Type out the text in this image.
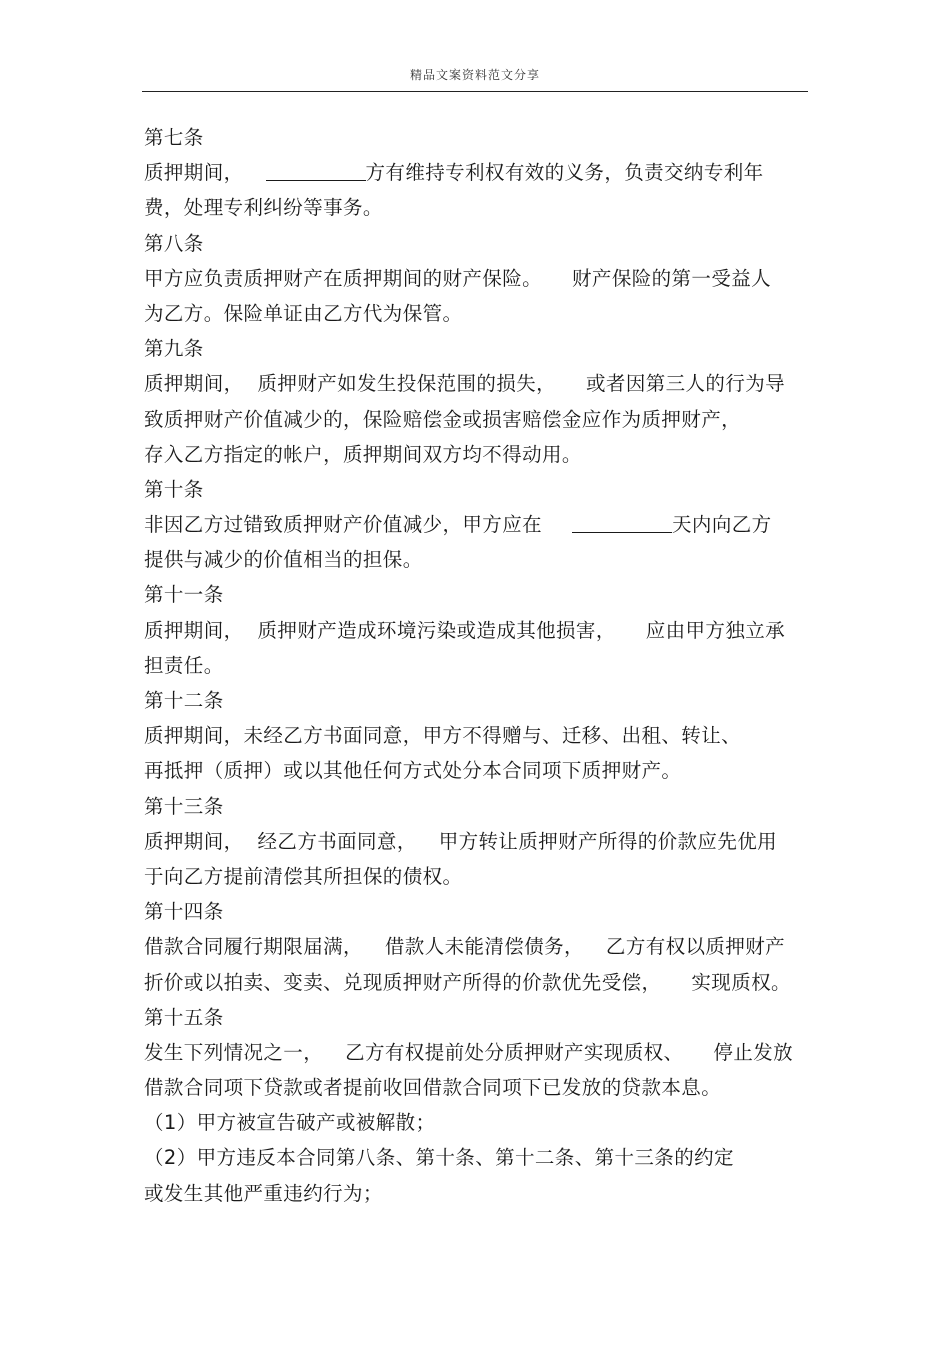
精品文案资料范文分享
第七条
质押期间，	方有维持专利权有效的义务，负责交纳专利年
费，处理专利纠纷等事务。
第八条
甲方应负责质押财产在质押期间的财产保险。 财产保险的第一受益人
为乙方。保险单证由乙方代为保管。
第九条
质押期间， 质押财产如发生投保范围的损失， 或者因第三人的行为导
致质押财产价值减少的，保险赔偿金或损害赔偿金应作为质押财产，
存入乙方指定的帐户，质押期间双方均不得动用。
第十条
非因乙方过错致质押财产价值减少，甲方应在	天内向乙方
提供与减少的价值相当的担保。
第十一条
质押期间， 质押财产造成环境污染或造成其他损害， 应由甲方独立承
担责任。
第十二条
质押期间，未经乙方书面同意，甲方不得赠与、迁移、出租、转让、
再抵押（质押）或以其他任何方式处分本合同项下质押财产。
第十三条
质押期间， 经乙方书面同意， 甲方转让质押财产所得的价款应先优用
于向乙方提前清偿其所担保的债权。
第十四条
借款合同履行期限届满， 借款人未能清偿债务， 乙方有权以质押财产
折价或以拍卖、变卖、兑现质押财产所得的价款优先受偿， 实现质权。
第十五条
发生下列情况之一， 乙方有权提前处分质押财产实现质权、 停止发放
借款合同项下贷款或者提前收回借款合同项下已发放的贷款本息。
（1）甲方被宣告破产或被解散；
（2）甲方违反本合同第八条、第十条、第十二条、第十三条的约定
或发生其他严重违约行为；
